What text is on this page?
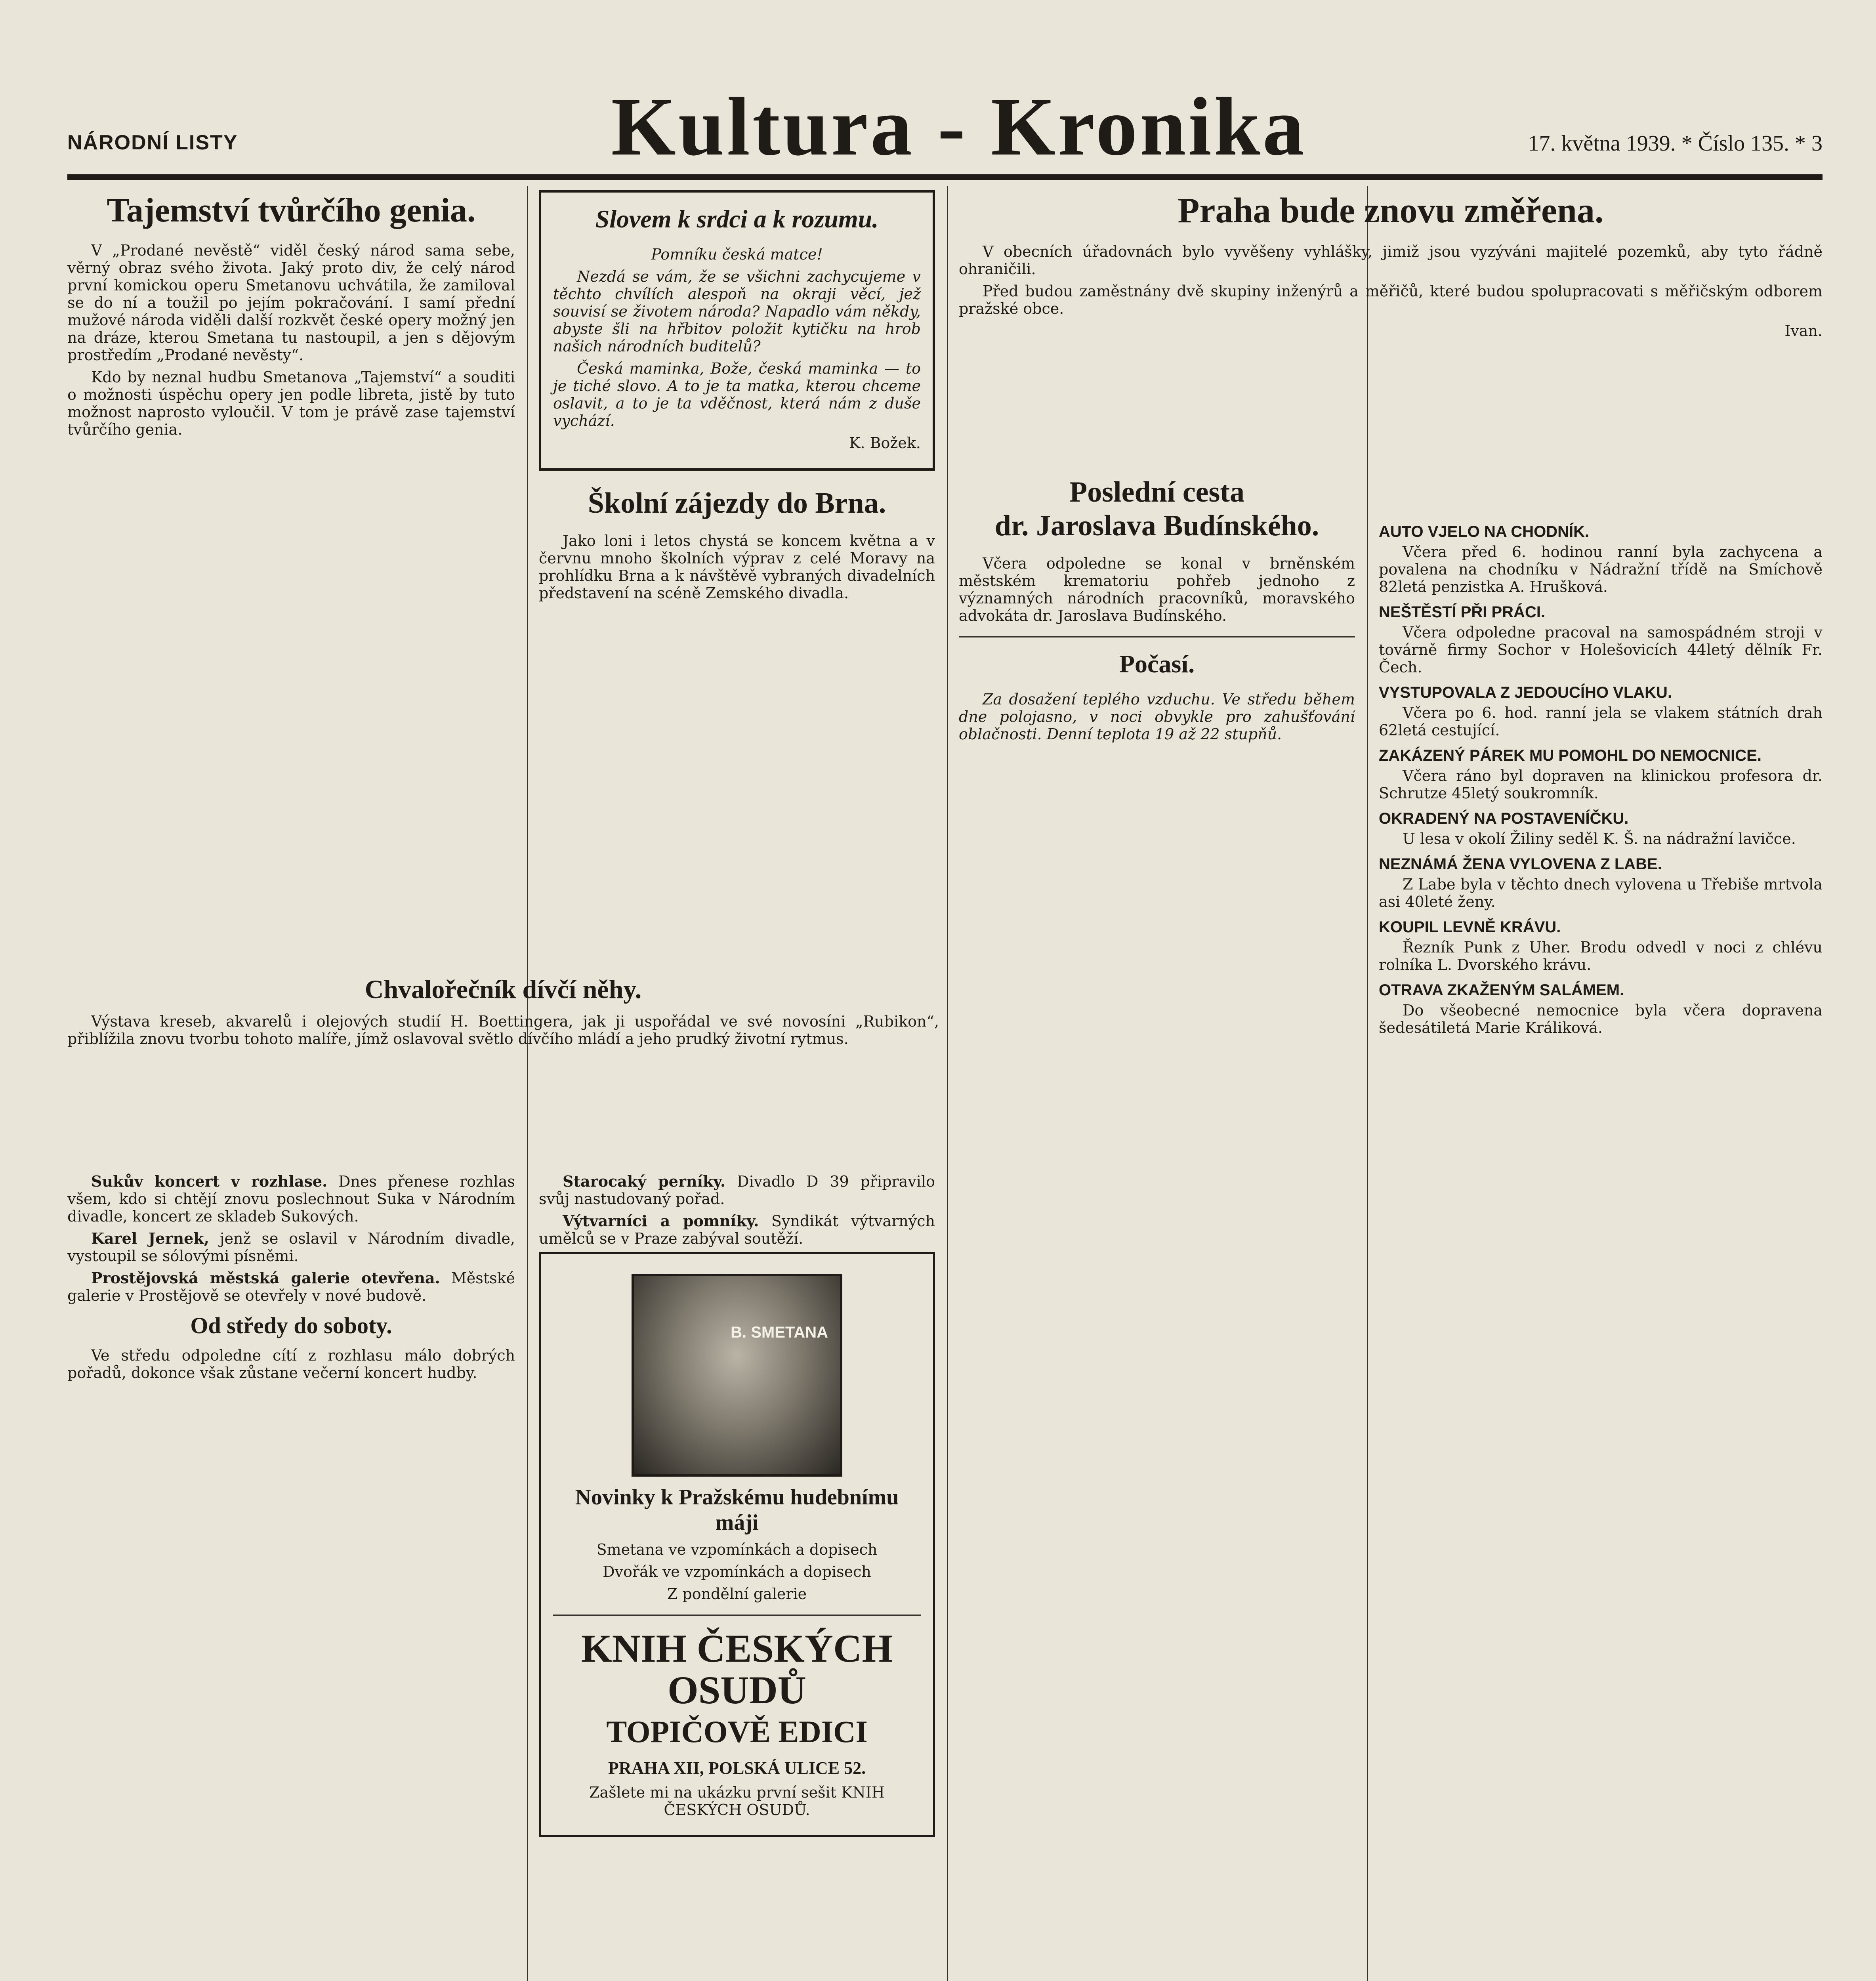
NÁRODNÍ LISTY	Kultura - Kronika	17. května 1939. * Číslo 135. * 3
Tajemství tvůrčího genia.

V „Prodané nevěstě“ viděl český národ sama sebe, věrný obraz svého života. Jaký proto div, že celý národ první komickou operu Smetanovu uchvátila, že zamiloval se do ní a toužil po jejím pokračování. I samí přední mužové národa viděli další rozkvět české opery možný jen na dráze, kterou Smetana tu nastoupil, a jen s dějovým prostředím „Prodané nevěsty“.

Kdo by neznal hudbu Smetanova „Tajemství“ a souditi o možnosti úspěchu opery jen podle libreta, jistě by tuto možnost naprosto vyloučil. V tom je právě zase tajemství tvůrčího genia.

Chvalořečník dívčí něhy.

Výstava kreseb, akvarelů i olejových studií H. Boettingera, jak ji uspořádal ve své novosíni „Rubikon“, přiblížila znovu tvorbu tohoto malíře, jímž oslavoval světlo dívčího mládí a jeho prudký životní rytmus.

Sukův koncert v rozhlase. Dnes přenese rozhlas všem, kdo si chtějí znovu poslechnout Suka v Národním divadle, koncert ze skladeb Sukových.

Karel Jernek, jenž se oslavil v Národním divadle, vystoupil se sólovými písněmi.

Prostějovská městská galerie otevřena. Městské galerie v Prostějově se otevřely v nové budově.

Od středy do soboty.

Ve středu odpoledne cítí z rozhlasu málo dobrých pořadů, dokonce však zůstane večerní koncert hudby.

Slovem k srdci a k rozumu.

Pomníku česká matce!

Nezdá se vám, že se všichni zachycujeme v těchto chvílích alespoň na okraji věcí, jež souvisí se životem národa? Napadlo vám někdy, abyste šli na hřbitov položit kytičku na hrob našich národních buditelů?

Česká maminka, Bože, česká maminka — to je tiché slovo. A to je ta matka, kterou chceme oslavit, a to je ta vděčnost, která nám z duše vychází.

K. Božek.

Školní zájezdy do Brna.

Jako loni i letos chystá se koncem května a v červnu mnoho školních výprav z celé Moravy na prohlídku Brna a k návštěvě vybraných divadelních představení na scéně Zemského divadla.

Starocaký perníky. Divadlo D 39 připravilo svůj nastudovaný pořad.

Výtvarníci a pomníky. Syndikát výtvarných umělců se v Praze zabýval soutěží.

B. SMETANA
Novinky k Pražskému hudebnímu máji

Smetana ve vzpomínkách a dopisech

Dvořák ve vzpomínkách a dopisech

Z pondělní galerie

KNIH ČESKÝCH OSUDŮ
TOPIČOVĚ EDICI
PRAHA XII, POLSKÁ ULICE 52.

Zašlete mi na ukázku první sešit KNIH ČESKÝCH OSUDŮ.

Poslední cesta
dr. Jaroslava Budínského.

Včera odpoledne se konal v brněnském městském krematoriu pohřeb jednoho z významných národních pracovníků, moravského advokáta dr. Jaroslava Budínského.

Počasí.

Za dosažení teplého vzduchu. Ve středu během dne polojasno, v noci obvykle pro zahušťování oblačnosti. Denní teplota 19 až 22 stupňů.

Praha bude znovu změřena.

V obecních úřadovnách bylo vyvěšeny vyhlášky, jimiž jsou vyzýváni majitelé pozemků, aby tyto řádně ohraničili.

Před budou zaměstnány dvě skupiny inženýrů a měřičů, které budou spolupracovati s měřičským odborem pražské obce.

Ivan.

AUTO VJELO NA CHODNÍK.

Včera před 6. hodinou ranní byla zachycena a povalena na chodníku v Nádražní třídě na Smíchově 82letá penzistka A. Hrušková.

NEŠTĚSTÍ PŘI PRÁCI.

Včera odpoledne pracoval na samospádném stroji v továrně firmy Sochor v Holešovicích 44letý dělník Fr. Čech.

VYSTUPOVALA Z JEDOUCÍHO VLAKU.

Včera po 6. hod. ranní jela se vlakem státních drah 62letá cestující.

ZAKÁZENÝ PÁREK MU POMOHL DO NEMOCNICE.

Včera ráno byl dopraven na klinickou profesora dr. Schrutze 45letý soukromník.

OKRADENÝ NA POSTAVENÍČKU.

U lesa v okolí Žiliny seděl K. Š. na nádražní lavičce.

NEZNÁMÁ ŽENA VYLOVENA Z LABE.

Z Labe byla v těchto dnech vylovena u Třebiše mrtvola asi 40leté ženy.

KOUPIL LEVNĚ KRÁVU.

Řezník Punk z Uher. Brodu odvedl v noci z chlévu rolníka L. Dvorského krávu.

OTRAVA ZKAŽENÝM SALÁMEM.

Do všeobecné nemocnice byla včera dopravena šedesátiletá Marie Králiková.
